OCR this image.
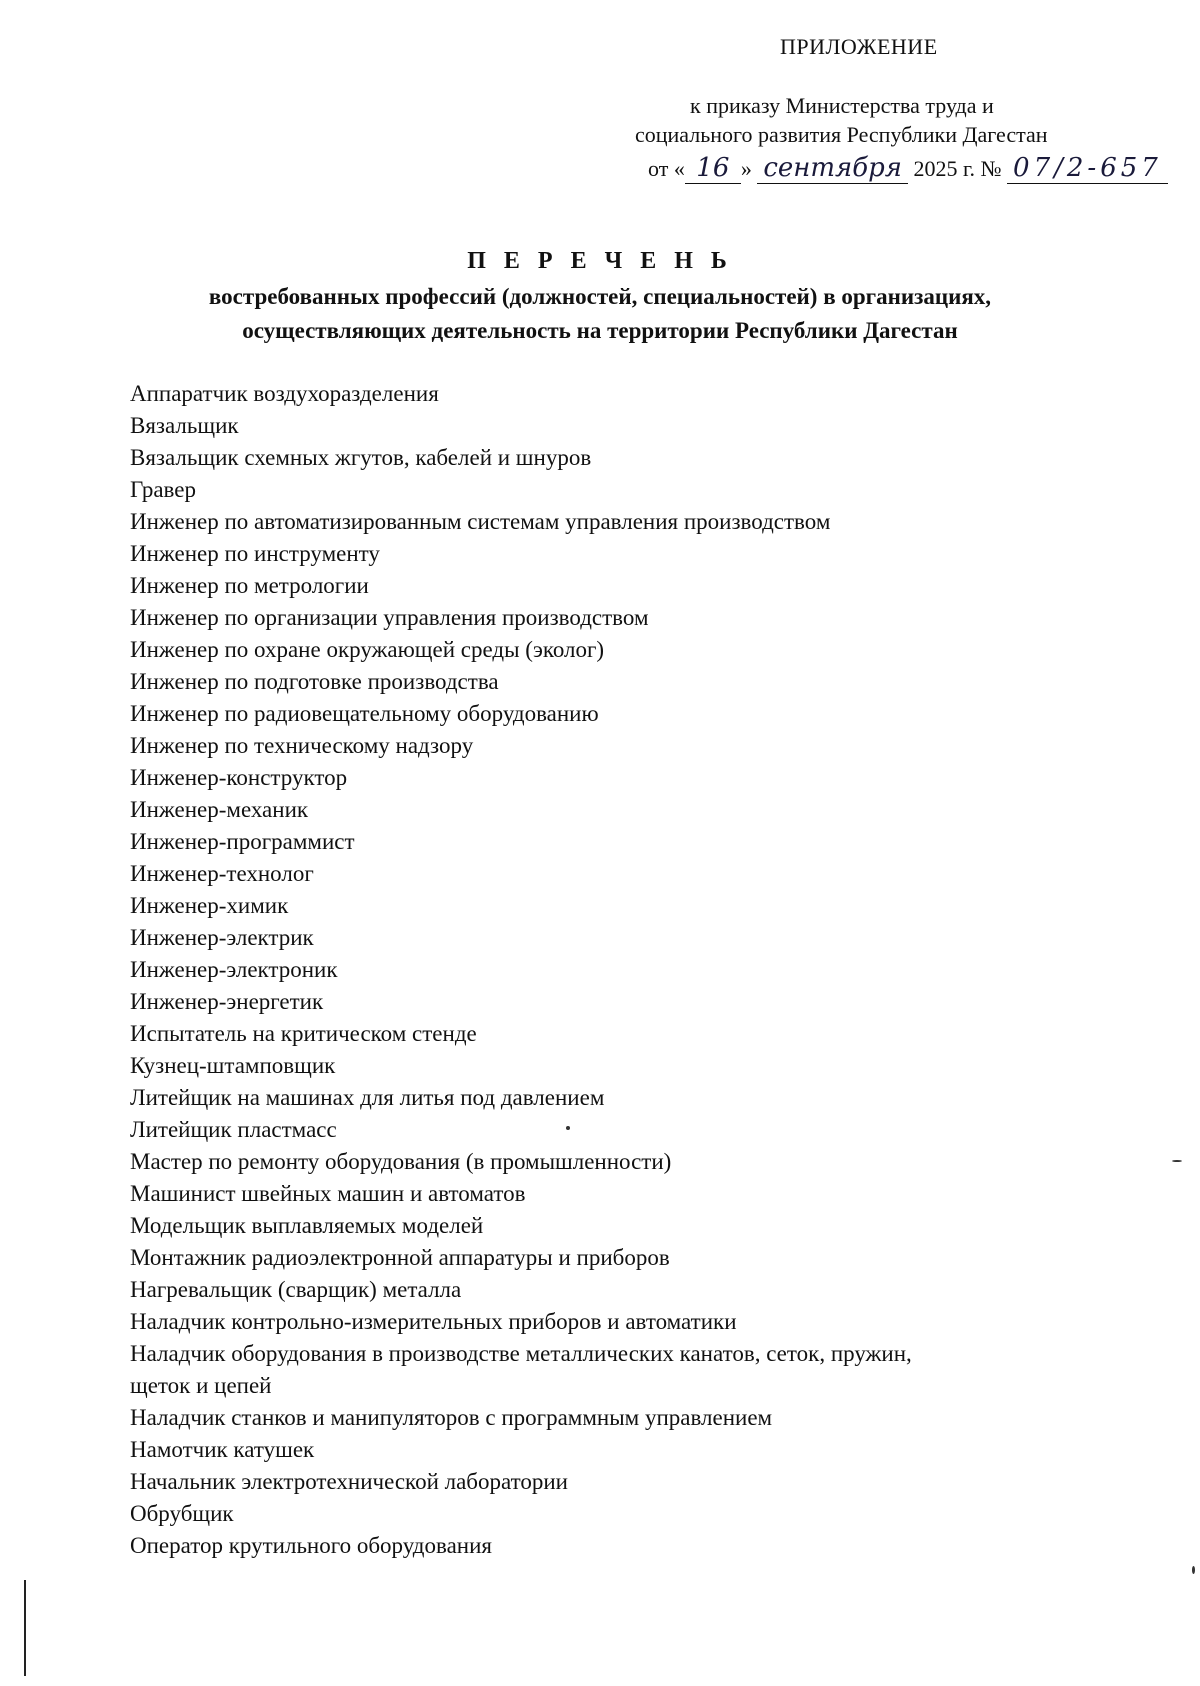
ПРИЛОЖЕНИЕ
к приказу Министерства труда и
социального развития Республики Дагестан
от « 16 » сентября 2025 г. № 07/2-657
П Е Р Е Ч Е Н Ь

востребованных профессий (должностей, специальностей) в организациях,

осуществляющих деятельность на территории Республики Дагестан

Аппаратчик воздухоразделения
Вязальщик
Вязальщик схемных жгутов, кабелей и шнуров
Гравер
Инженер по автоматизированным системам управления производством
Инженер по инструменту
Инженер по метрологии
Инженер по организации управления производством
Инженер по охране окружающей среды (эколог)
Инженер по подготовке производства
Инженер по радиовещательному оборудованию
Инженер по техническому надзору
Инженер-конструктор
Инженер-механик
Инженер-программист
Инженер-технолог
Инженер-химик
Инженер-электрик
Инженер-электроник
Инженер-энергетик
Испытатель на критическом стенде
Кузнец-штамповщик
Литейщик на машинах для литья под давлением
Литейщик пластмасс
Мастер по ремонту оборудования (в промышленности)
Машинист швейных машин и автоматов
Модельщик выплавляемых моделей
Монтажник радиоэлектронной аппаратуры и приборов
Нагревальщик (сварщик) металла
Наладчик контрольно-измерительных приборов и автоматики
Наладчик оборудования в производстве металлических канатов, сеток, пружин,
щеток и цепей
Наладчик станков и манипуляторов с программным управлением
Намотчик катушек
Начальник электротехнической лаборатории
Обрубщик
Оператор крутильного оборудования
